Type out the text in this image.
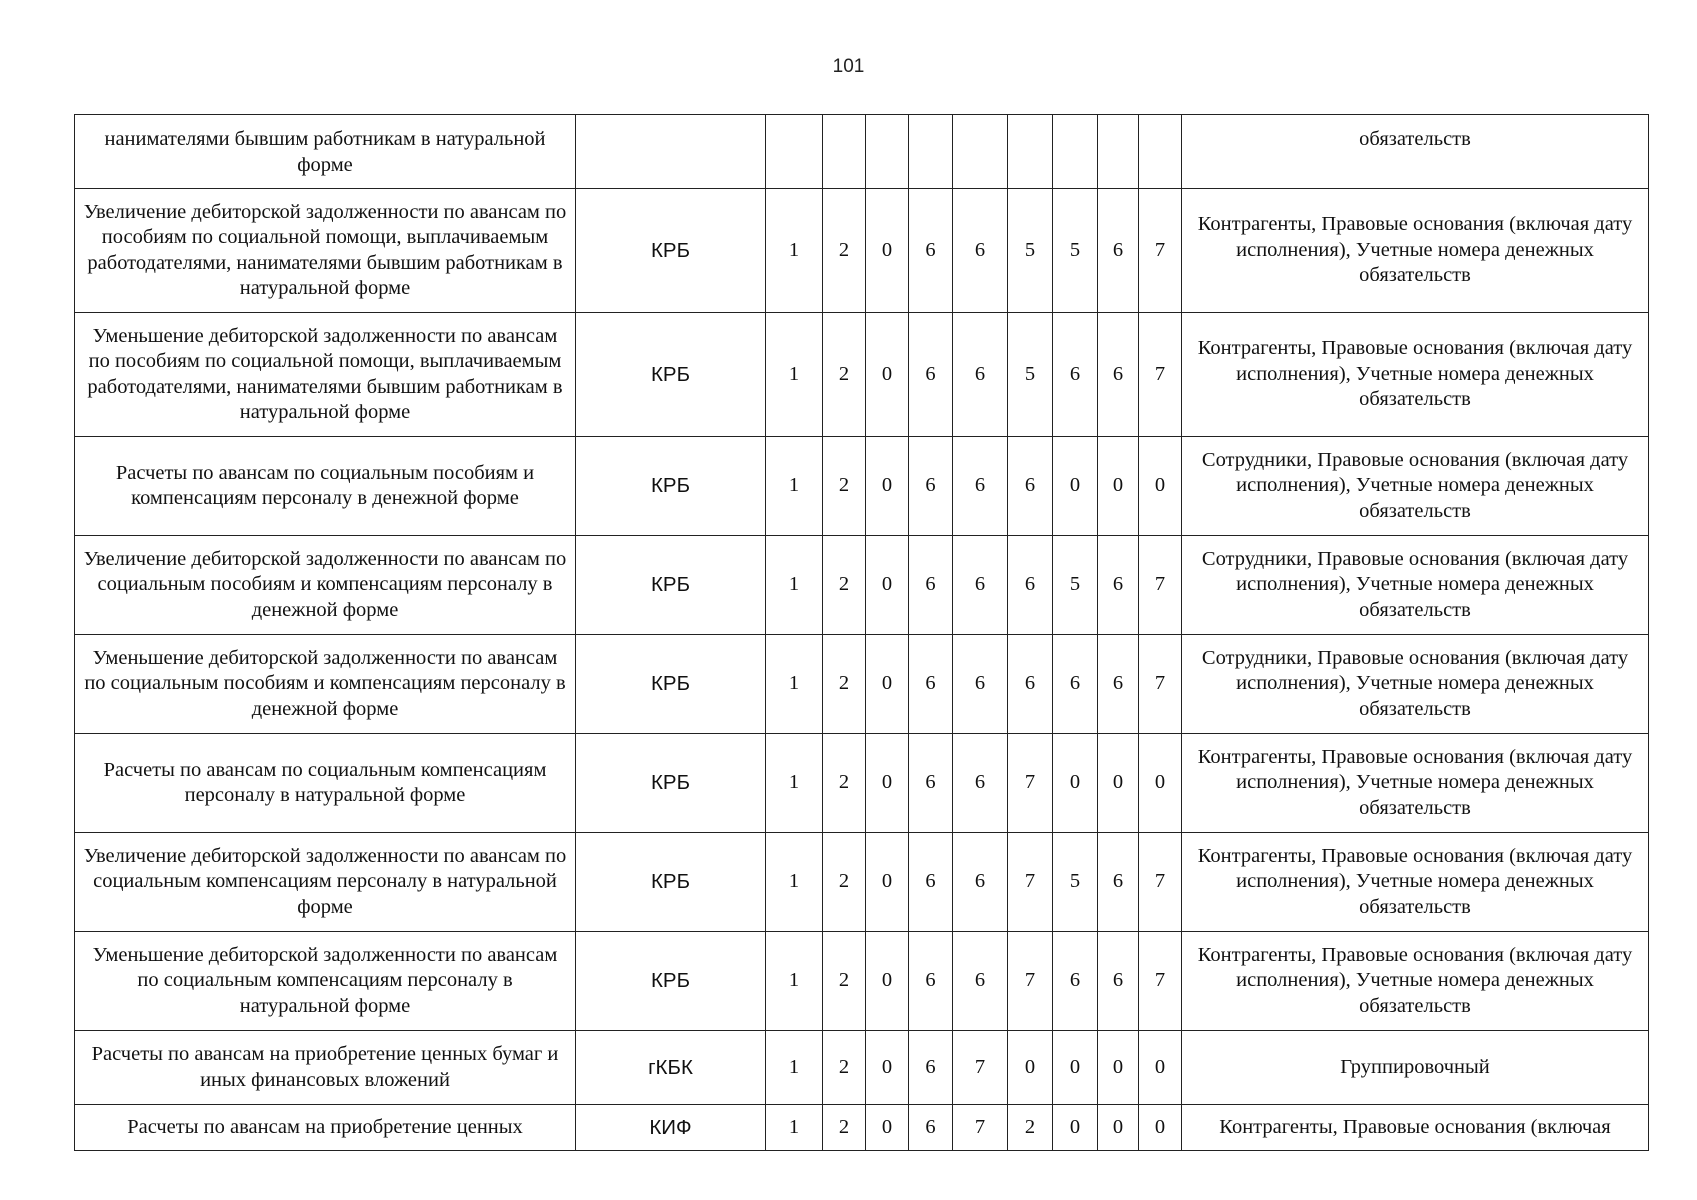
101
нанимателями бывшим работникам в натуральной форме											обязательств
Увеличение дебиторской задолженности по авансам по пособиям по социальной помощи, выплачиваемым работодателями, нанимателями бывшим работникам в натуральной форме	КРБ	1	2	0	6	6	5	5	6	7	Контрагенты, Правовые основания (включая дату исполнения), Учетные номера денежных обязательств
Уменьшение дебиторской задолженности по авансам по пособиям по социальной помощи, выплачиваемым работодателями, нанимателями бывшим работникам в натуральной форме	КРБ	1	2	0	6	6	5	6	6	7	Контрагенты, Правовые основания (включая дату исполнения), Учетные номера денежных обязательств
Расчеты по авансам по социальным пособиям и компенсациям персоналу в денежной форме	КРБ	1	2	0	6	6	6	0	0	0	Сотрудники, Правовые основания (включая дату исполнения), Учетные номера денежных обязательств
Увеличение дебиторской задолженности по авансам по социальным пособиям и компенсациям персоналу в денежной форме	КРБ	1	2	0	6	6	6	5	6	7	Сотрудники, Правовые основания (включая дату исполнения), Учетные номера денежных обязательств
Уменьшение дебиторской задолженности по авансам по социальным пособиям и компенсациям персоналу в денежной форме	КРБ	1	2	0	6	6	6	6	6	7	Сотрудники, Правовые основания (включая дату исполнения), Учетные номера денежных обязательств
Расчеты по авансам по социальным компенсациям персоналу в натуральной форме	КРБ	1	2	0	6	6	7	0	0	0	Контрагенты, Правовые основания (включая дату исполнения), Учетные номера денежных обязательств
Увеличение дебиторской задолженности по авансам по социальным компенсациям персоналу в натуральной форме	КРБ	1	2	0	6	6	7	5	6	7	Контрагенты, Правовые основания (включая дату исполнения), Учетные номера денежных обязательств
Уменьшение дебиторской задолженности по авансам по социальным компенсациям персоналу в натуральной форме	КРБ	1	2	0	6	6	7	6	6	7	Контрагенты, Правовые основания (включая дату исполнения), Учетные номера денежных обязательств
Расчеты по авансам на приобретение ценных бумаг и иных финансовых вложений	гКБК	1	2	0	6	7	0	0	0	0	Группировочный
Расчеты по авансам на приобретение ценных	КИФ	1	2	0	6	7	2	0	0	0	Контрагенты, Правовые основания (включая
